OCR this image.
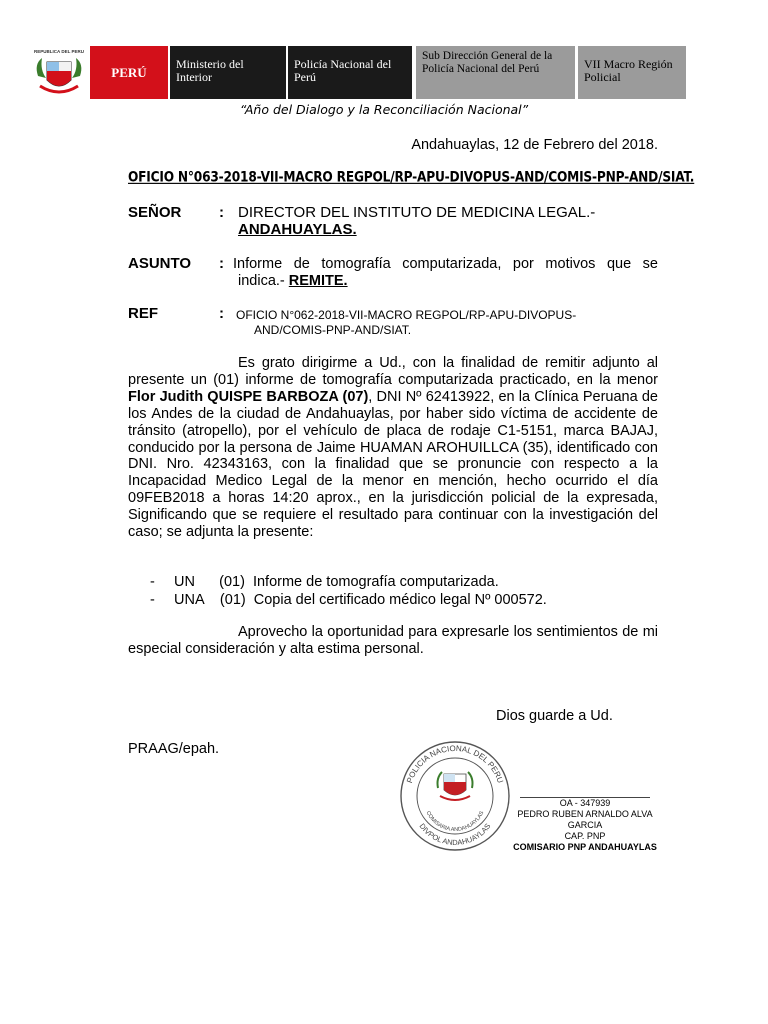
REPUBLICA DEL PERU
PERÚ
Ministerio del Interior
Policía Nacional del Perú
Sub Dirección General de la Policía Nacional del Perú	VII Macro Región Policial
“Año del Dialogo y la Reconciliación Nacional”
Andahuaylas, 12 de Febrero del 2018.
OFICIO N°063-2018-VII-MACRO REGPOL/RP-APU-DIVOPUS-AND/COMIS-PNP-AND/SIAT.
SEÑOR	: DIRECTOR DEL INSTITUTO DE MEDICINA LEGAL.-
ANDAHUAYLAS.
ASUNTO : Informe de tomografía computarizada, por motivos que se
indica.- REMITE.
REF	: OFICIO N°062-2018-VII-MACRO REGPOL/RP-APU-DIVOPUS-
AND/COMIS-PNP-AND/SIAT.
Es grato dirigirme a Ud., con la finalidad de remitir adjunto al presente un (01) informe de tomografía computarizada practicado, en la menor Flor Judith QUISPE BARBOZA (07), DNI Nº 62413922, en la Clínica Peruana de los Andes de la ciudad de Andahuaylas, por haber sido víctima de accidente de tránsito (atropello), por el vehículo de placa de rodaje C1-5151, marca BAJAJ, conducido por la persona de Jaime HUAMAN AROHUILLCA (35), identificado con DNI. Nro. 42343163, con la finalidad que se pronuncie con respecto a la Incapacidad Medico Legal de la menor en mención, hecho ocurrido el día 09FEB2018 a horas 14:20 aprox., en la jurisdicción policial de la expresada, Significando que se requiere el resultado para continuar con la investigación del caso; se adjunta la presente:
- UN      (01)  Informe de tomografía computarizada.
- UNA    (01)  Copia del certificado médico legal Nº 000572.
Aprovecho la oportunidad para expresarle los sentimientos de mi especial consideración y alta estima personal.
Dios guarde a Ud.
PRAAG/epah.
POLICIA NACIONAL DEL PERU
DIVPOL ANDAHUAYLAS
COMISARIA ANDAHUAYLAS
OA - 347939
PEDRO RUBEN ARNALDO ALVA GARCIA
CAP. PNP
COMISARIO PNP ANDAHUAYLAS
